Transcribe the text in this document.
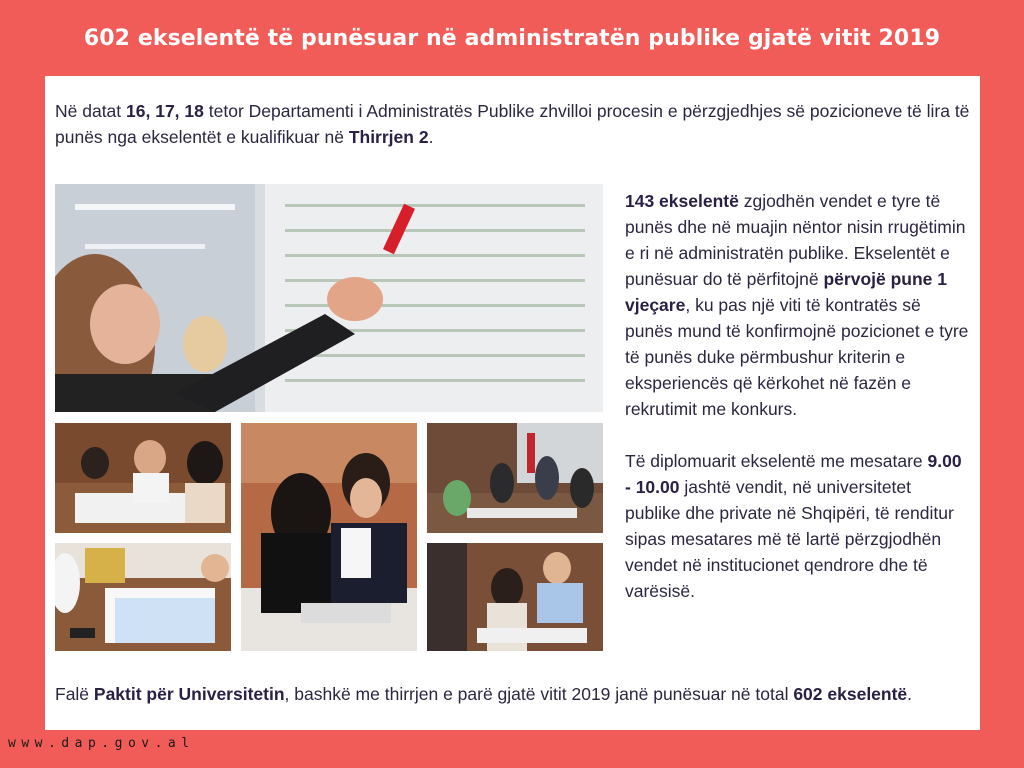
602 ekselentë të punësuar në administratën publike gjatë vitit 2019
Në datat 16, 17, 18 tetor Departamenti i Administratës Publike zhvilloi procesin e përzgjedhjes së pozicioneve të lira të punës nga ekselentët e kualifikuar në Thirrjen 2.

143 ekselentë zgjodhën vendet e tyre të punës dhe në muajin nëntor nisin rrugëtimin e ri në administratën publike. Ekselentët e punësuar do të përfitojnë përvojë pune 1 vjeçare, ku pas një viti të kontratës së punës mund të konfirmojnë pozicionet e tyre të punës duke përmbushur kriterin e eksperiencës që kërkohet në fazën e rekrutimit me konkurs.

Të diplomuarit ekselentë me mesatare 9.00 - 10.00 jashtë vendit, në universitetet publike dhe private në Shqipëri, të renditur sipas mesatares më të lartë përzgjodhën vendet në institucionet qendrore dhe të varësisë.

Falë Paktit për Universitetin, bashkë me thirrjen e parë gjatë vitit 2019 janë punësuar në total 602 ekselentë.
www.dap.gov.al
